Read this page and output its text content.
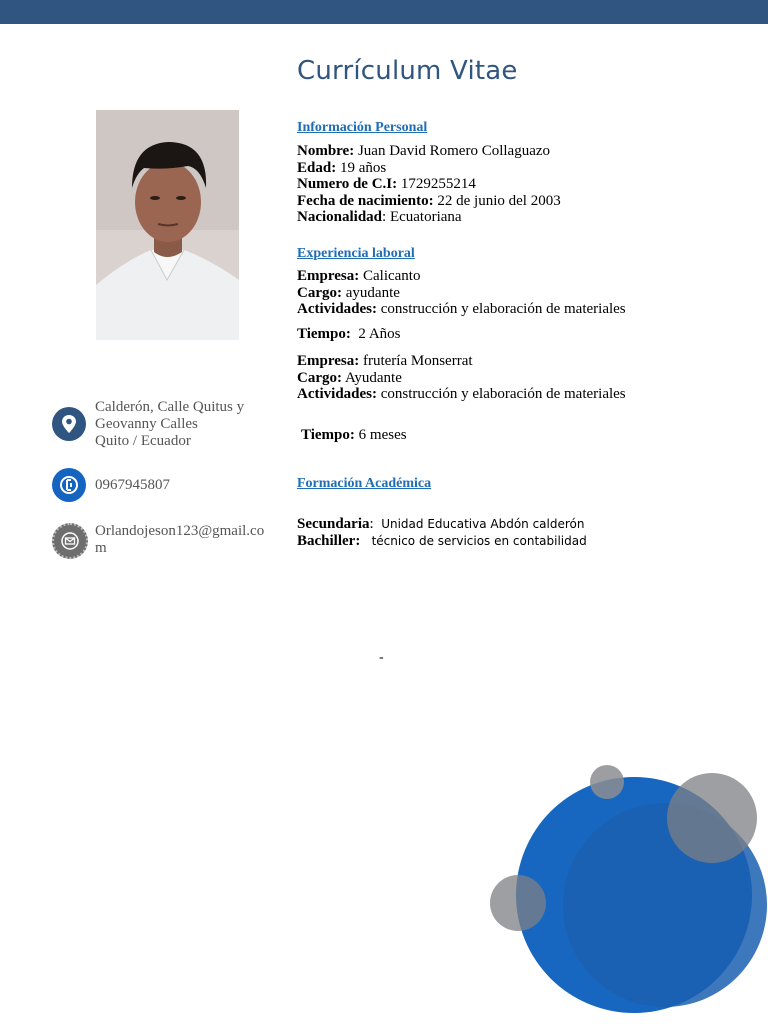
Currículum Vitae
Calderón, Calle Quitus y
Geovanny Calles
Quito / Ecuador
0967945807
Orlandojeson123@gmail.co
m
Información Personal
Nombre: Juan David Romero Collaguazo
Edad: 19 años
Numero de C.I: 1729255214
Fecha de nacimiento: 22 de junio del 2003
Nacionalidad: Ecuatoriana
Experiencia laboral
Empresa: Calicanto
Cargo: ayudante
Actividades: construcción y elaboración de materiales
Tiempo: 2 Años
Empresa: frutería Monserrat
Cargo: Ayudante
Actividades: construcción y elaboración de materiales
Tiempo: 6 meses
Formación Académica
Secundaria: Unidad Educativa Abdón calderón
Bachiller: técnico de servicios en contabilidad
-
